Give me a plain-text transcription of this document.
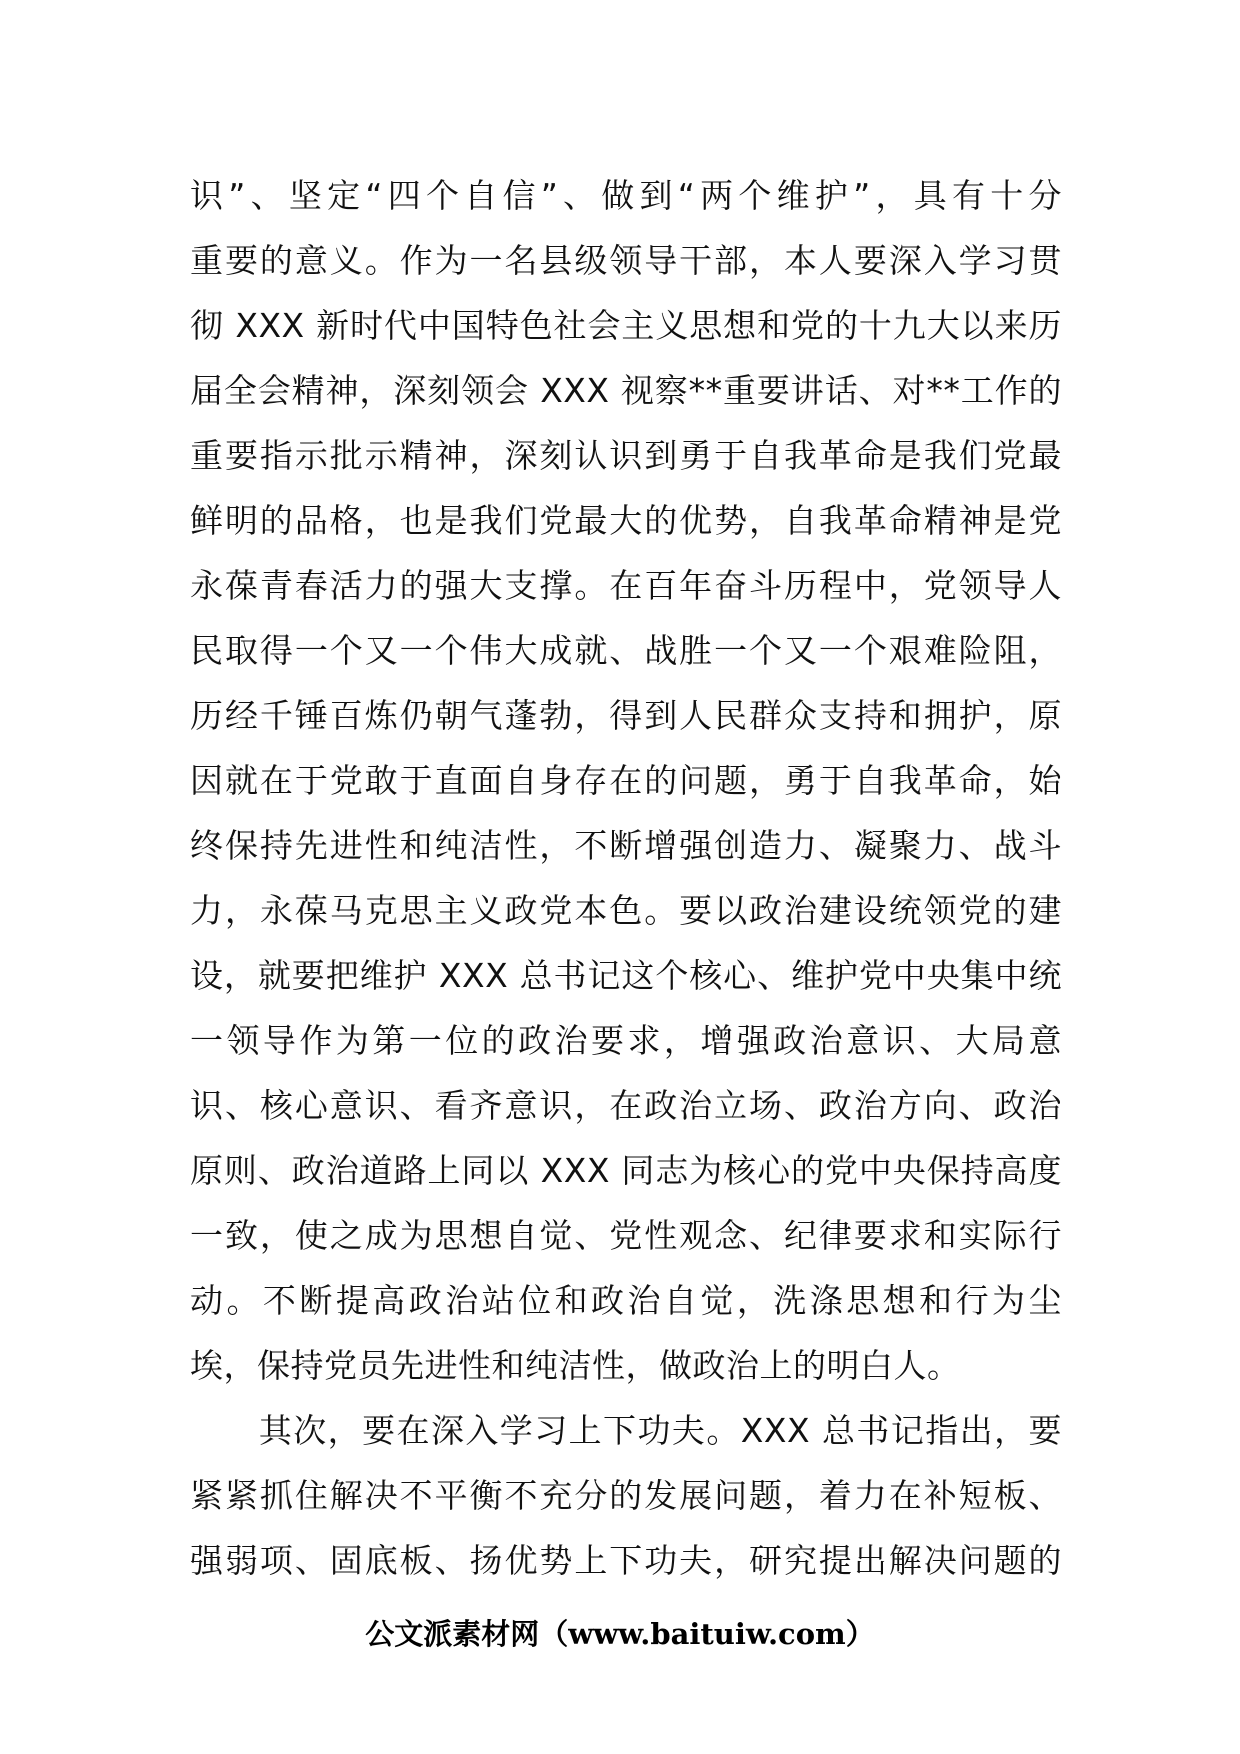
识”、坚定“四个自信”、做到“两个维护”，具有十分
重要的意义。作为一名县级领导干部，本人要深入学习贯
彻 XXX 新时代中国特色社会主义思想和党的十九大以来历
届全会精神，深刻领会 XXX 视察**重要讲话、对**工作的
重要指示批示精神，深刻认识到勇于自我革命是我们党最
鲜明的品格，也是我们党最大的优势，自我革命精神是党
永葆青春活力的强大支撑。在百年奋斗历程中，党领导人
民取得一个又一个伟大成就、战胜一个又一个艰难险阻，
历经千锤百炼仍朝气蓬勃，得到人民群众支持和拥护，原
因就在于党敢于直面自身存在的问题，勇于自我革命，始
终保持先进性和纯洁性，不断增强创造力、凝聚力、战斗
力，永葆马克思主义政党本色。要以政治建设统领党的建
设，就要把维护 XXX 总书记这个核心、维护党中央集中统
一领导作为第一位的政治要求，增强政治意识、大局意
识、核心意识、看齐意识，在政治立场、政治方向、政治
原则、政治道路上同以 XXX 同志为核心的党中央保持高度
一致，使之成为思想自觉、党性观念、纪律要求和实际行
动。不断提高政治站位和政治自觉，洗涤思想和行为尘
埃，保持党员先进性和纯洁性，做政治上的明白人。
　　其次，要在深入学习上下功夫。XXX 总书记指出，要
紧紧抓住解决不平衡不充分的发展问题，着力在补短板、
强弱项、固底板、扬优势上下功夫，研究提出解决问题的
公文派素材网（www.baituiw.com）
